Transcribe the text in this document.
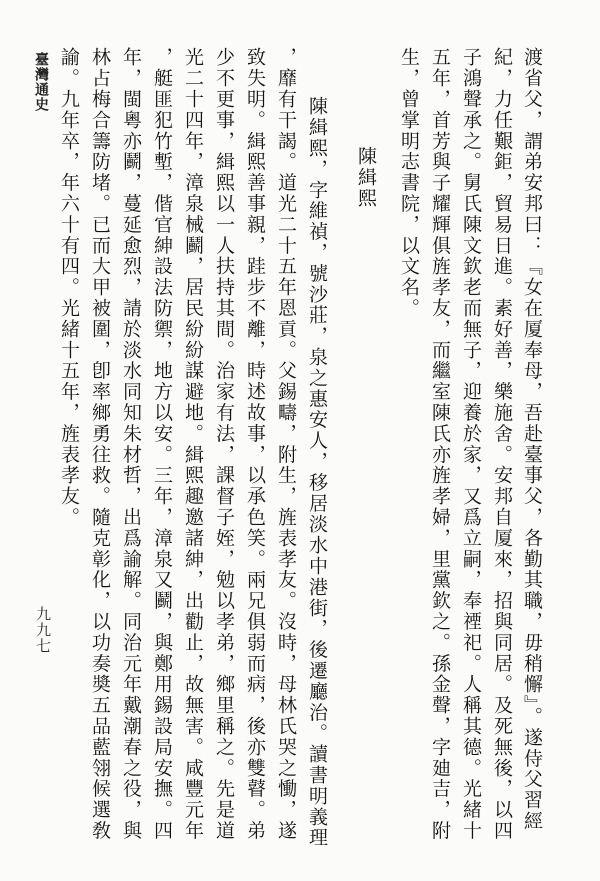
渡省父，謂弟安邦曰：『女在厦奉母，吾赴臺事父，各勤其職，毋稍懈』。遂侍父習經
紀，力任艱鉅，貿易日進。素好善，樂施舍。安邦自厦來，招與同居。及死無後，以四
子鴻聲承之。舅氏陳文欽老而無子，迎養於家，又爲立嗣，奉禋祀。人稱其德。光緒十
五年，首芳與子耀輝俱旌孝友，而繼室陳氏亦旌孝婦，里黨欽之。孫金聲，字廸吉，附
生，曾掌明志書院，以文名。
陳緝熙
陳緝熙，字維禎，號沙莊，泉之惠安人，移居淡水中港街，後遷廳治。讀書明義理
，靡有干謁。道光二十五年恩貢。父錫疇，附生，旌表孝友。沒時，母林氏哭之慟，遂
致失明。緝熙善事親，跬步不離，時述故事，以承色笑。兩兄俱弱而病，後亦雙瞽。弟
少不更事，緝熙以一人扶持其間。治家有法，課督子姪，勉以孝弟，鄉里稱之。先是道
光二十四年，漳泉械鬬，居民紛紛謀避地。緝熙趣邀諸紳，出勸止，故無害。咸豐元年
，艇匪犯竹塹，偕官紳設法防禦，地方以安。三年，漳泉又鬬，與鄭用錫設局安撫。四
年，閩粵亦鬬，蔓延愈烈，請於淡水同知朱材哲，出爲諭解。同治元年戴潮春之役，與
林占梅合籌防堵。已而大甲被圍，卽率鄉勇往救。隨克彰化，以功奏奬五品藍翎候選敎
諭。九年卒，年六十有四。光緒十五年，旌表孝友。
臺灣通史
九九七
